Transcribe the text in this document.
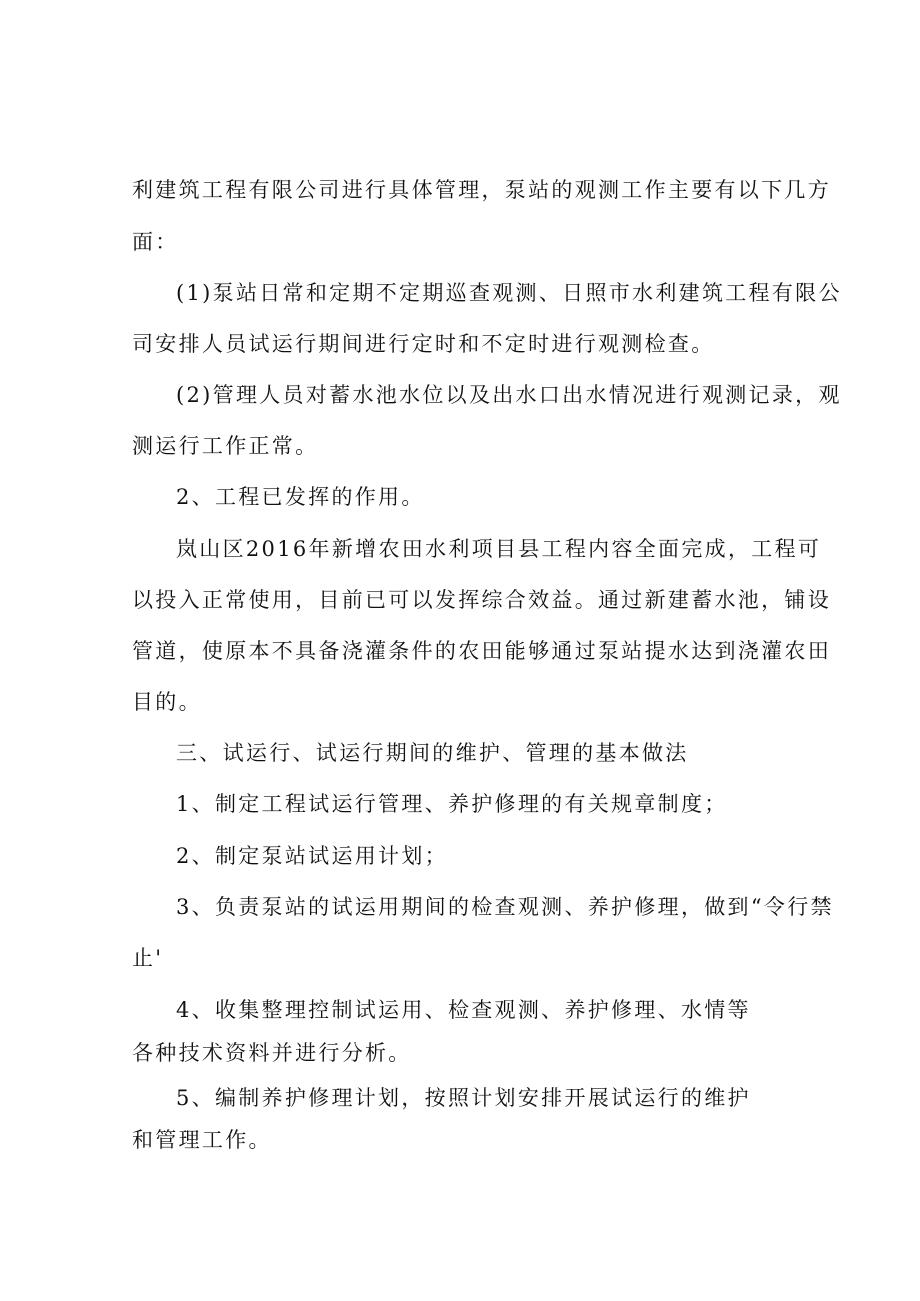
利建筑工程有限公司进行具体管理，泵站的观测工作主要有以下几方

面：

(1)泵站日常和定期不定期巡查观测、日照市水利建筑工程有限公

司安排人员试运行期间进行定时和不定时进行观测检查。

(2)管理人员对蓄水池水位以及出水口出水情况进行观测记录，观

测运行工作正常。

2、工程已发挥的作用。

岚山区2016年新增农田水利项目县工程内容全面完成，工程可

以投入正常使用，目前已可以发挥综合效益。通过新建蓄水池，铺设

管道，使原本不具备浇灌条件的农田能够通过泵站提水达到浇灌农田

目的。

三、试运行、试运行期间的维护、管理的基本做法

1、制定工程试运行管理、养护修理的有关规章制度；

2、制定泵站试运用计划；

3、负责泵站的试运用期间的检查观测、养护修理，做到“令行禁

止'

4、收集整理控制试运用、检查观测、养护修理、水情等

各种技术资料并进行分析。

5、编制养护修理计划，按照计划安排开展试运行的维护

和管理工作。
